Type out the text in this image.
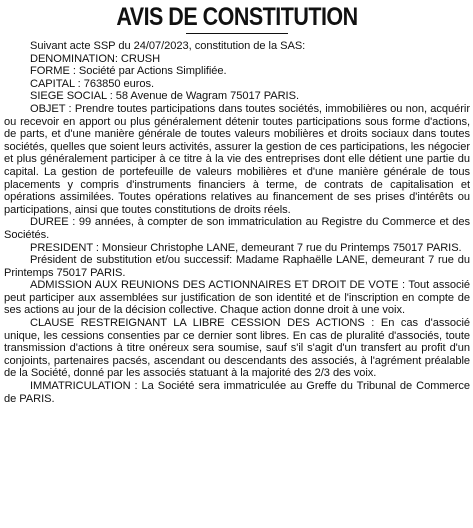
AVIS DE CONSTITUTION

Suivant acte SSP du 24/07/2023, constitution de la SAS:

DENOMINATION: CRUSH

FORME : Société par Actions Simplifiée.

CAPITAL : 763850 euros.

SIEGE SOCIAL : 58 Avenue de Wagram 75017 PARIS.

OBJET : Prendre toutes participations dans toutes sociétés, immobilières ou non, acquérir ou recevoir en apport ou plus généralement détenir toutes participations sous forme d'actions, de parts, et d'une manière générale de toutes valeurs mobilières et droits sociaux dans toutes sociétés, quelles que soient leurs activités, assurer la gestion de ces participations, les négocier et plus généralement participer à ce titre à la vie des entreprises dont elle détient une partie du capital. La gestion de portefeuille de valeurs mobilières et d'une manière générale de tous placements y compris d'instruments financiers à terme, de contrats de capitalisation et opérations assimilées. Toutes opérations relatives au financement de ses prises d'intérêts ou participations, ainsi que toutes constitutions de droits réels.

DUREE : 99 années, à compter de son immatriculation au Registre du Commerce et des Sociétés.

PRESIDENT : Monsieur Christophe LANE, demeurant 7 rue du Printemps 75017 PARIS.

Président de substitution et/ou successif: Madame Raphaëlle LANE, demeurant 7 rue du Printemps 75017 PARIS.

ADMISSION AUX REUNIONS DES ACTIONNAIRES ET DROIT DE VOTE : Tout associé peut participer aux assemblées sur justification de son identité et de l'inscription en compte de ses actions au jour de la décision collective. Chaque action donne droit à une voix.

CLAUSE RESTREIGNANT LA LIBRE CESSION DES ACTIONS : En cas d'associé unique, les cessions consenties par ce dernier sont libres. En cas de pluralité d'associés, toute transmission d'actions à titre onéreux sera soumise, sauf s'il s'agit d'un transfert au profit d'un conjoints, partenaires pacsés, ascendant ou descendants des associés, à l'agrément préalable de la Société, donné par les associés statuant à la majorité des 2/3 des voix.

IMMATRICULATION : La Société sera immatriculée au Greffe du Tribunal de Commerce de PARIS.
